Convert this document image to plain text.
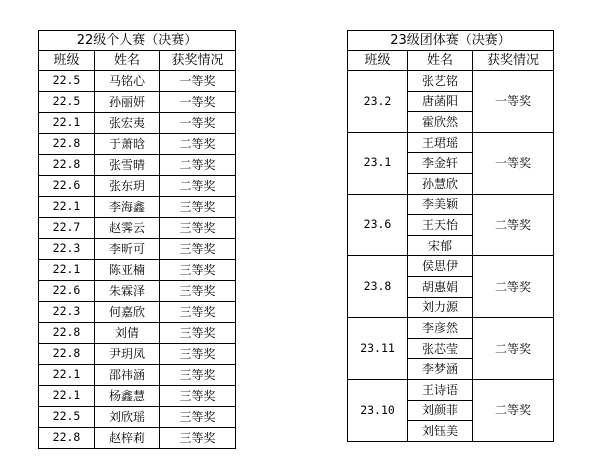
22级个人赛（决赛）		
班级	姓名	获奖情况
22.5	马铭心	一等奖
22.5	孙丽妍	一等奖
22.1	张宏夷	一等奖
22.8	于萧晗	二等奖
22.8	张雪晴	二等奖
22.6	张东玥	二等奖
22.1	李海鑫	三等奖
22.7	赵霁云	三等奖
22.3	李昕可	三等奖
22.1	陈亚楠	三等奖
22.6	朱霖泽	三等奖
22.3	何嘉欣	三等奖
22.8	刘倩	三等奖
22.8	尹玥凤	三等奖
22.1	邵祎涵	三等奖
22.1	杨鑫慧	三等奖
22.5	刘欣瑶	三等奖
22.8	赵梓莉	三等奖
23级团体赛（决赛）		
班级	姓名	获奖情况
23.2	张艺铭	一等奖
	唐菡阳	
	霍欣然	
23.1	王珺瑶	一等奖
	李金轩	
	孙慧欣	
23.6	李美颖	二等奖
	王天怡	
	宋郁	
23.8	侯思伊	二等奖
	胡惠娟	
	刘力源	
23.11	李彦然	二等奖
	张芯莹	
	李梦涵	
23.10	王诗语	二等奖
	刘颜菲	
	刘钰美	
